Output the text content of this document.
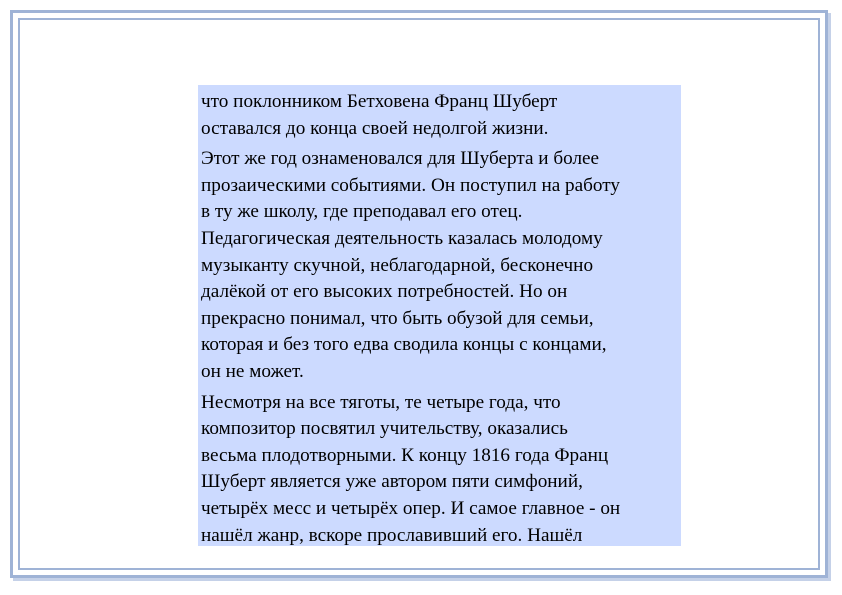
что поклонником Бетховена Франц Шуберт
оставался до конца своей недолгой жизни.

Этот же год ознаменовался для Шуберта и более
прозаическими событиями. Он поступил на работу
в ту же школу, где преподавал его отец.
Педагогическая деятельность казалась молодому
музыканту скучной, неблагодарной, бесконечно
далёкой от его высоких потребностей. Но он
прекрасно понимал, что быть обузой для семьи,
которая и без того едва сводила концы с концами,
он не может.

Несмотря на все тяготы, те четыре года, что
композитор посвятил учительству, оказались
весьма плодотворными. К концу 1816 года Франц
Шуберт является уже автором пяти симфоний,
четырёх месс и четырёх опер. И самое главное - он
нашёл жанр, вскоре прославивший его. Нашёл
